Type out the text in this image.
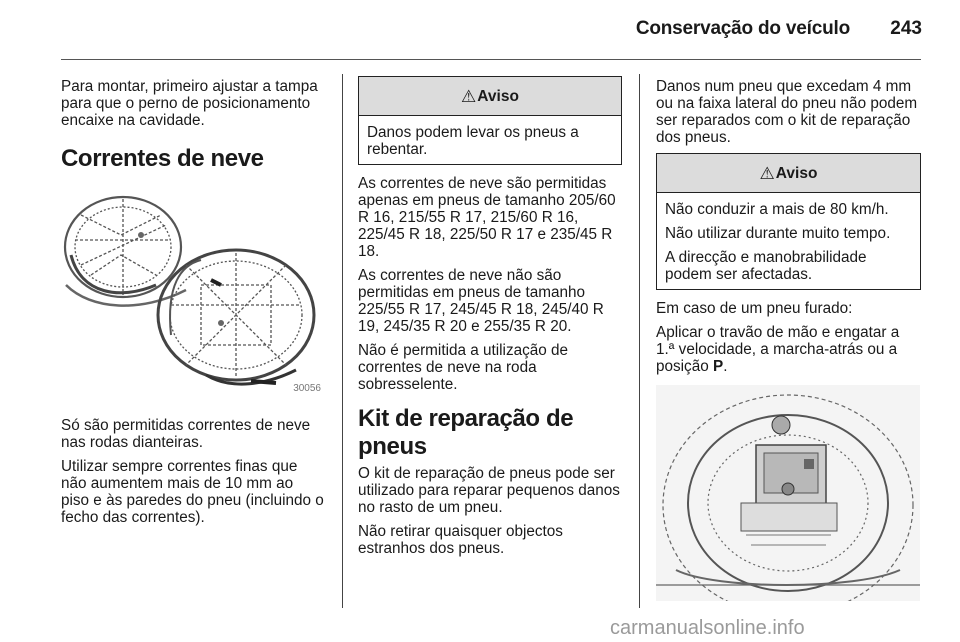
Conservação do veículo	243

Para montar, primeiro ajustar a tampa para que o perno de posicionamento encaixe na cavidade.

Correntes de neve
30056

Só são permitidas correntes de neve nas rodas dianteiras.

Utilizar sempre correntes finas que não aumentem mais de 10 mm ao piso e às paredes do pneu (incluindo o fecho das correntes).

⚠ Aviso

Danos podem levar os pneus a rebentar.

As correntes de neve são permitidas apenas em pneus de tamanho 205/60 R 16, 215/55 R 17, 215/60 R 16, 225/45 R 18, 225/50 R 17 e 235/45 R 18.

As correntes de neve não são permitidas em pneus de tamanho 225/55 R 17, 245/45 R 18, 245/40 R 19, 245/35 R 20 e 255/35 R 20.

Não é permitida a utilização de correntes de neve na roda sobresselente.

Kit de reparação de pneus

O kit de reparação de pneus pode ser utilizado para reparar pequenos danos no rasto de um pneu.

Não retirar quaisquer objectos estranhos dos pneus.

Danos num pneu que excedam 4 mm ou na faixa lateral do pneu não podem ser reparados com o kit de reparação dos pneus.

⚠ Aviso

Não conduzir a mais de 80 km/h.

Não utilizar durante muito tempo.

A direcção e manobrabilidade podem ser afectadas.

Em caso de um pneu furado:

Aplicar o travão de mão e engatar a 1.ª velocidade, a marcha-atrás ou a posição P.

carmanualsonline.info
